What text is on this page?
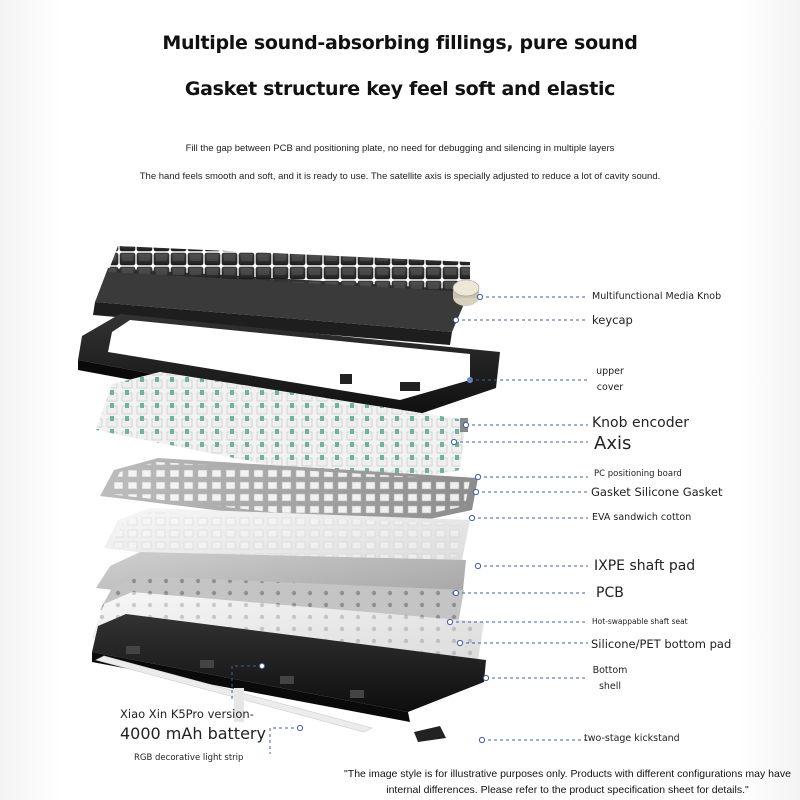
Multiple sound-absorbing fillings, pure sound
Gasket structure key feel soft and elastic
Fill the gap between PCB and positioning plate, no need for debugging and silencing in multiple layers
The hand feels smooth and soft, and it is ready to use. The satellite axis is specially adjusted to reduce a lot of cavity sound.
Multifunctional Media Knob
keycap
upper
cover
Knob encoder
Axis
PC positioning board
Gasket Silicone Gasket
EVA sandwich cotton
IXPE shaft pad
PCB
Hot-swappable shaft seat
Silicone/PET bottom pad
Bottom
shell
two-stage kickstand
Xiao Xin K5Pro version-
4000 mAh battery
RGB decorative light strip
"The image style is for illustrative purposes only. Products with different configurations may have internal differences. Please refer to the product specification sheet for details."
